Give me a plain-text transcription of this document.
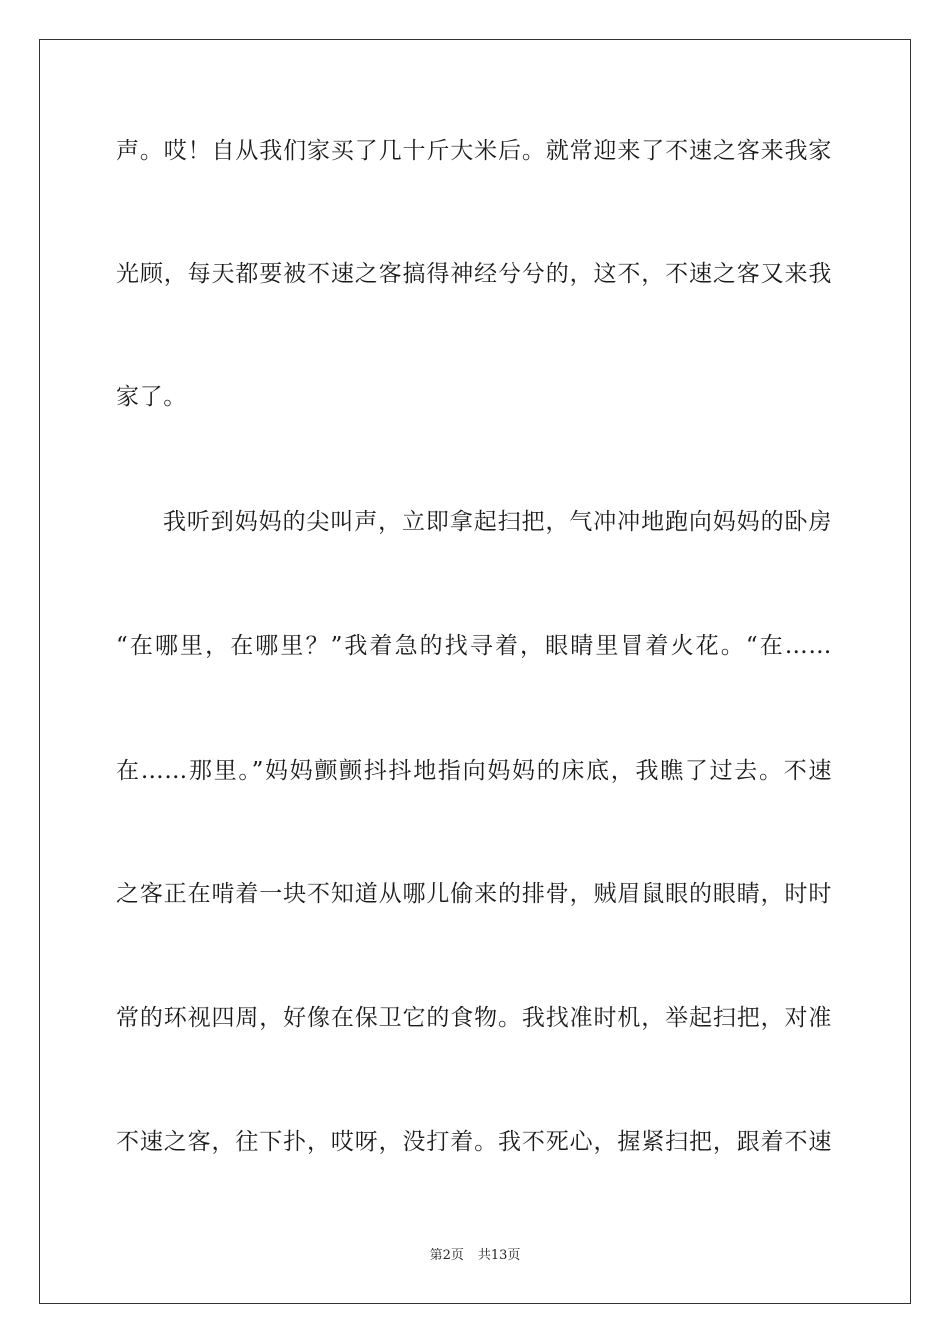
声。哎！自从我们家买了几十斤大米后。就常迎来了不速之客来我家
光顾，每天都要被不速之客搞得神经兮兮的，这不，不速之客又来我
家了。
我听到妈妈的尖叫声，立即拿起扫把，气冲冲地跑向妈妈的卧房
“在哪里，在哪里？”我着急的找寻着，眼睛里冒着火花。“在……
在……那里。”妈妈颤颤抖抖地指向妈妈的床底，我瞧了过去。不速
之客正在啃着一块不知道从哪儿偷来的排骨，贼眉鼠眼的眼睛，时时
常的环视四周，好像在保卫它的食物。我找准时机，举起扫把，对准
不速之客，往下扑，哎呀，没打着。我不死心，握紧扫把，跟着不速
第2页 共13页
